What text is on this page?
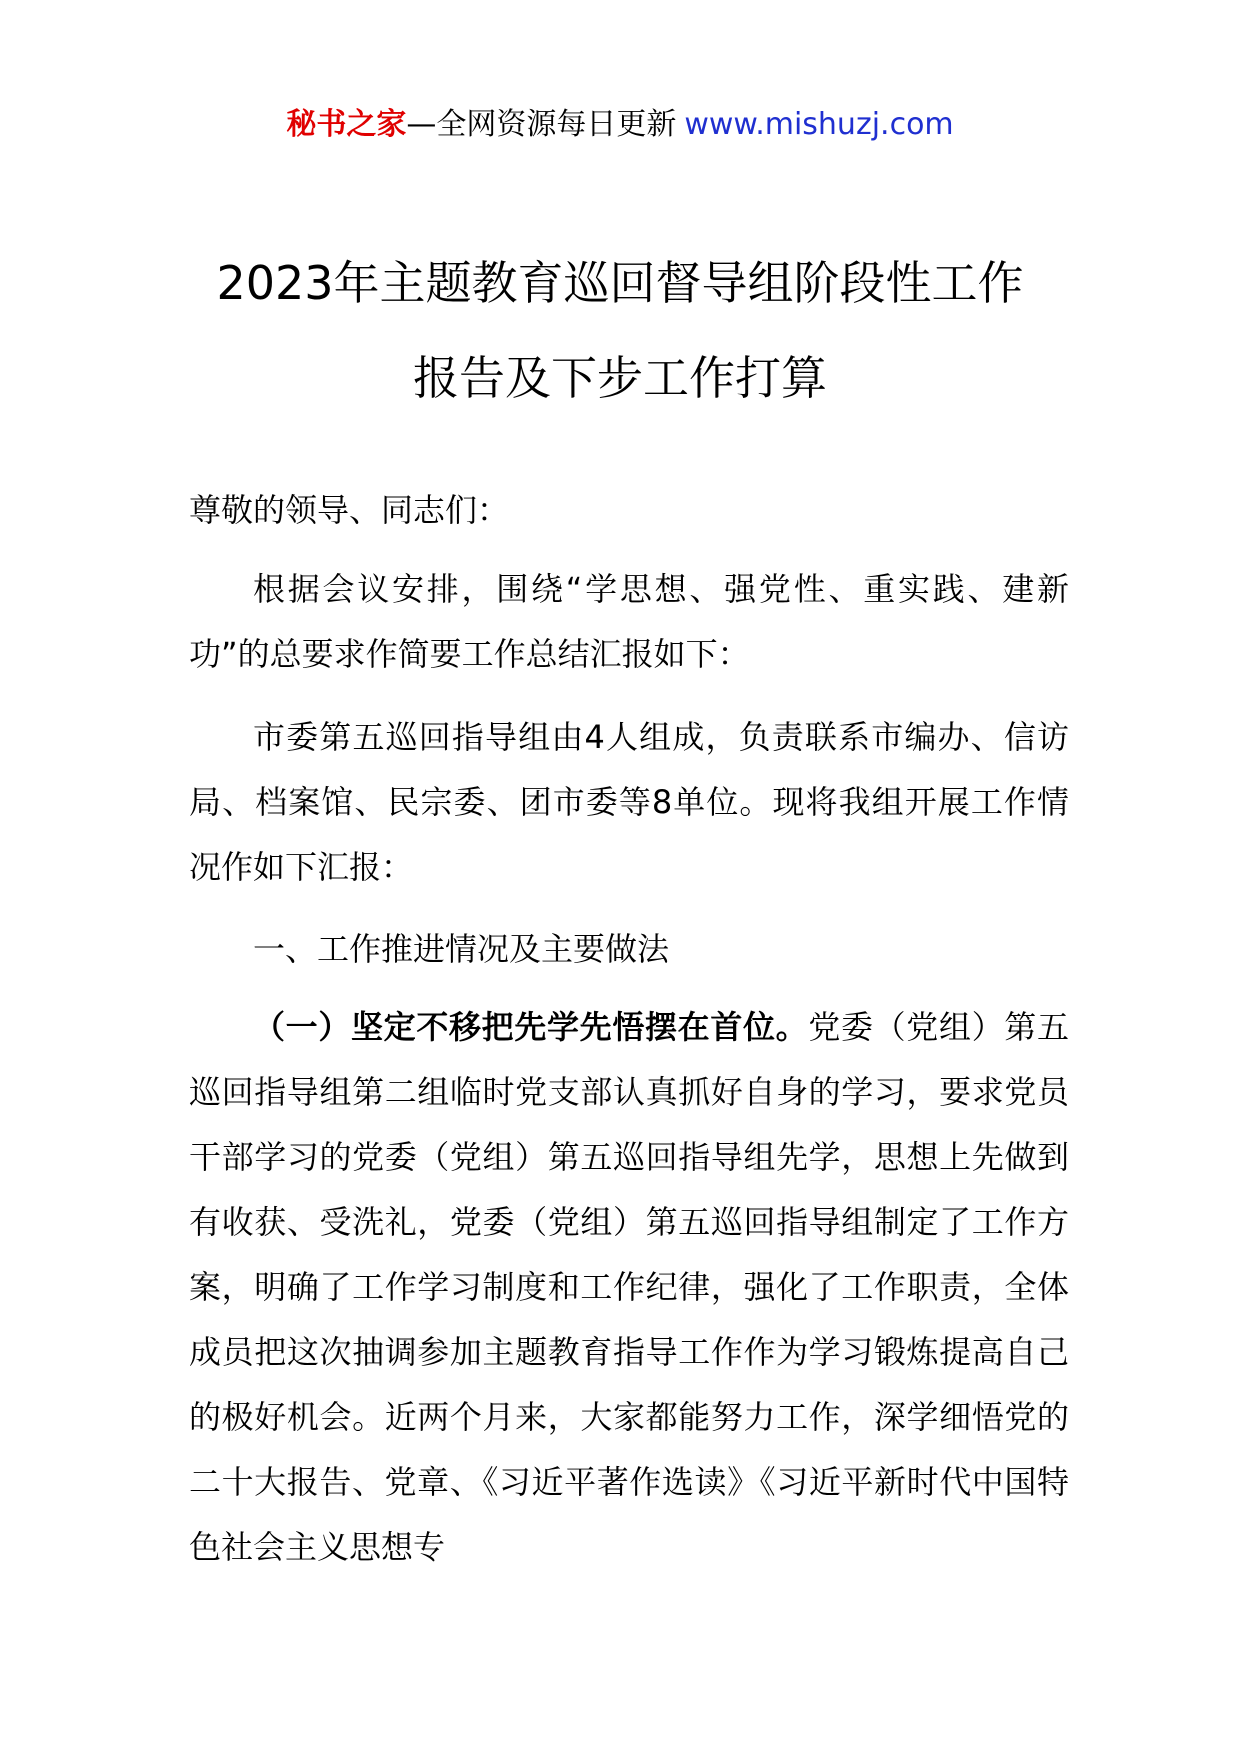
秘书之家—全网资源每日更新 www.mishuzj.com
2023年主题教育巡回督导组阶段性工作
报告及下步工作打算
尊敬的领导、同志们：

根据会议安排，围绕“学思想、强党性、重实践、建新功”的总要求作简要工作总结汇报如下：

市委第五巡回指导组由4人组成，负责联系市编办、信访局、档案馆、民宗委、团市委等8单位。现将我组开展工作情况作如下汇报：

一、工作推进情况及主要做法

（一）坚定不移把先学先悟摆在首位。党委（党组）第五巡回指导组第二组临时党支部认真抓好自身的学习，要求党员干部学习的党委（党组）第五巡回指导组先学，思想上先做到有收获、受洗礼，党委（党组）第五巡回指导组制定了工作方案，明确了工作学习制度和工作纪律，强化了工作职责，全体成员把这次抽调参加主题教育指导工作作为学习锻炼提高自己的极好机会。近两个月来，大家都能努力工作，深学细悟党的二十大报告、党章、《习近平著作选读》《习近平新时代中国特色社会主义思想专
